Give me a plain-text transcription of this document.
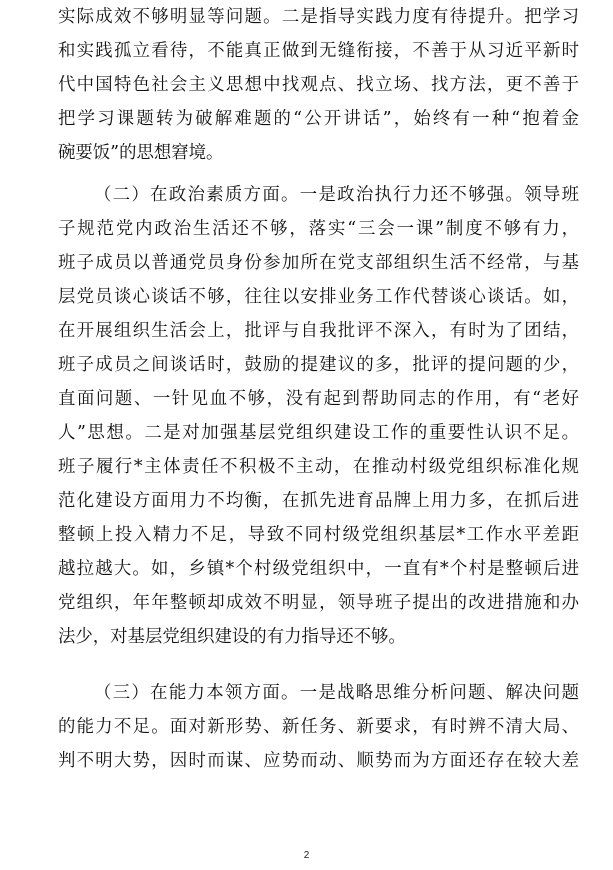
实际成效不够明显等问题。二是指导实践力度有待提升。把学习
和实践孤立看待，不能真正做到无缝衔接，不善于从习近平新时
代中国特色社会主义思想中找观点、找立场、找方法，更不善于
把学习课题转为破解难题的“公开讲话”，始终有一种“抱着金
碗要饭”的思想窘境。
（二）在政治素质方面。一是政治执行力还不够强。领导班
子规范党内政治生活还不够，落实“三会一课”制度不够有力，
班子成员以普通党员身份参加所在党支部组织生活不经常，与基
层党员谈心谈话不够，往往以安排业务工作代替谈心谈话。如，
在开展组织生活会上，批评与自我批评不深入，有时为了团结，
班子成员之间谈话时，鼓励的提建议的多，批评的提问题的少，
直面问题、一针见血不够，没有起到帮助同志的作用，有“老好
人”思想。二是对加强基层党组织建设工作的重要性认识不足。
班子履行*主体责任不积极不主动，在推动村级党组织标准化规
范化建设方面用力不均衡，在抓先进育品牌上用力多，在抓后进
整顿上投入精力不足，导致不同村级党组织基层*工作水平差距
越拉越大。如，乡镇*个村级党组织中，一直有*个村是整顿后进
党组织，年年整顿却成效不明显，领导班子提出的改进措施和办
法少，对基层党组织建设的有力指导还不够。
（三）在能力本领方面。一是战略思维分析问题、解决问题
的能力不足。面对新形势、新任务、新要求，有时辨不清大局、
判不明大势，因时而谋、应势而动、顺势而为方面还存在较大差
2
